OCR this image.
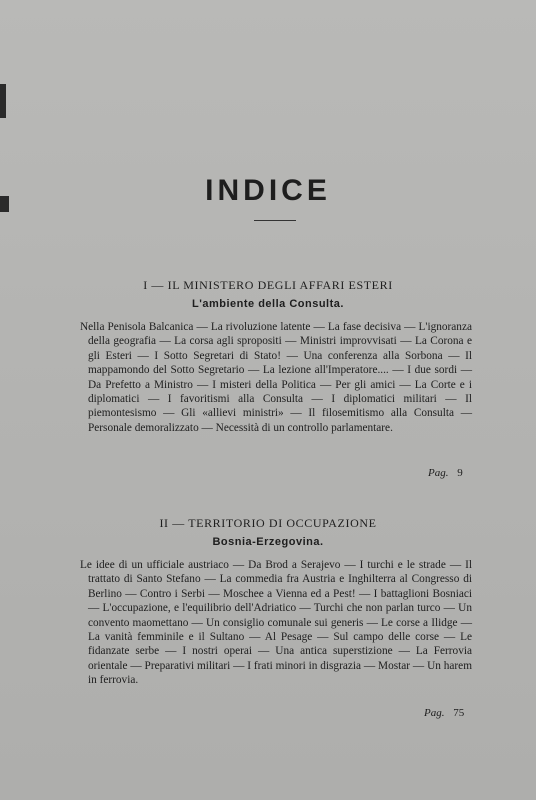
INDICE

I — IL MINISTERO DEGLI AFFARI ESTERI

L'ambiente della Consulta.

Nella Penisola Balcanica — La rivoluzione latente — La fase decisiva — L'ignoranza della geografia — La corsa agli spropositi — Ministri improvvisati — La Corona e gli Esteri — I Sotto Segretari di Stato! — Una conferenza alla Sorbona — Il mappamondo del Sotto Segretario — La lezione all'Imperatore.... — I due sordi — Da Prefetto a Ministro — I misteri della Politica — Per gli amici — La Corte e i diplomatici — I favoritismi alla Consulta — I diplomatici militari — Il piemontesismo — Gli «allievi ministri» — Il filosemitismo alla Consulta — Personale demoralizzato — Necessità di un controllo parlamentare.

Pag. 9

II — TERRITORIO DI OCCUPAZIONE

Bosnia-Erzegovina.

Le idee di un ufficiale austriaco — Da Brod a Serajevo — I turchi e le strade — Il trattato di Santo Stefano — La commedia fra Austria e Inghilterra al Congresso di Berlino — Contro i Serbi — Moschee a Vienna ed a Pest! — I battaglioni Bosniaci — L'occupazione, e l'equilibrio dell'Adriatico — Turchi che non parlan turco — Un convento maomettano — Un consiglio comunale sui generis — Le corse a Ilidge — La vanità femminile e il Sultano — Al Pesage — Sul campo delle corse — Le fidanzate serbe — I nostri operai — Una antica superstizione — La Ferrovia orientale — Preparativi militari — I frati minori in disgrazia — Mostar — Un harem in ferrovia.

Pag. 75
